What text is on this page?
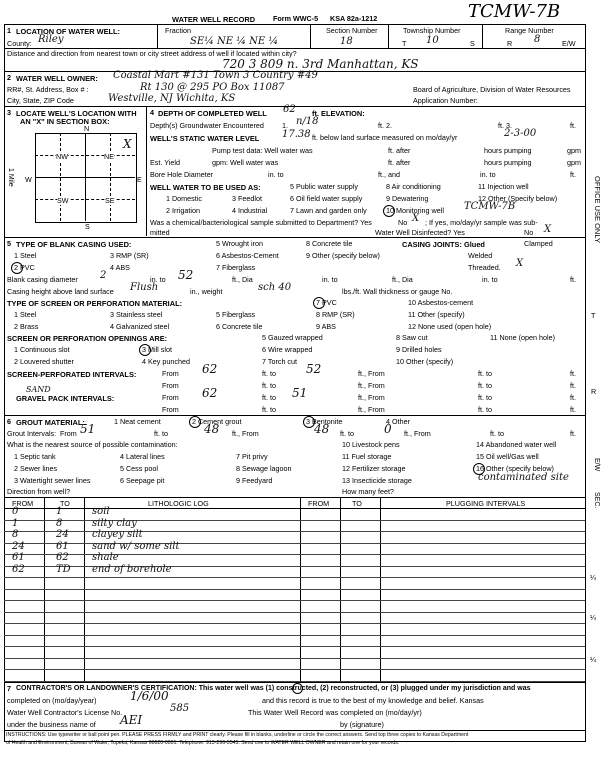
WATER WELL RECORD Form WWC-5 KSA 82a-1212	TCMW-7B
1 LOCATION OF WATER WELL:
County: Riley
Fraction
SE¼ NE ¼ NE ¼
Section Number
18
Township Number
T 10	S
Range Number
R 8	E/W
Distance and direction from nearest town or city street address of well if located within city?
720 3 809 n. 3rd Manhattan, KS
2 WATER WELL OWNER: Coastal Mart #131 Town 3 Country #49
RR#, St. Address, Box # :	Rt 130 @ 295 PO Box 11087
City, State, ZIP Code	Westville, NJ Wichita, KS
Board of Agriculture, Division of Water Resources
Application Number:
3 LOCATE WELL'S LOCATION WITH
AN "X" IN SECTION BOX:
N
S
W	E
1 Mile
NW	NE
SW	SE
X
4 DEPTH OF COMPLETED WELL 62 ft. ELEVATION:
Depth(s) Groundwater Encountered	1. n/18	ft. 2.	ft. 3.	ft.
WELL'S STATIC WATER LEVEL 17.38 ft. below land surface measured on mo/day/yr	2-3-00
Pump test data: Well water was	ft. after	hours pumping	gpm
Est. Yield	gpm: Well water was	ft. after	hours pumping	gpm
Bore Hole Diameter	in. to	ft., and	in. to	ft.
WELL WATER TO BE USED AS:	5 Public water supply	8 Air conditioning	11 Injection well
1 Domestic	3 Feedlot	6 Oil field water supply	9 Dewatering	12 Other (Specify below)
2 Irrigation	4 Industrial	7 Lawn and garden only	10 Monitoring well TCMW-7B
Was a chemical/bacteriological sample submitted to Department? Yes	No X ; If yes, mo/day/yr sample was sub-
mitted	Water Well Disinfected? Yes	No X
5 TYPE OF BLANK CASING USED:	5 Wrought iron	8 Concrete tile	CASING JOINTS: Glued	Clamped
1 Steel	3 RMP (SR)	6 Asbestos-Cement	9 Other (specify below)	Welded
2 PVC	4 ABS	7 Fiberglass	Threaded. X
Blank casing diameter 2	in. to 52	ft., Dia	in. to	ft., Dia	in. to	ft.
Casing height above land surface Flush	in., weight	sch 40	lbs./ft. Wall thickness or gauge No.
TYPE OF SCREEN OR PERFORATION MATERIAL:	7 PVC	10 Asbestos-cement
1 Steel	3 Stainless steel	5 Fiberglass	8 RMP (SR)	11 Other (specify)
2 Brass	4 Galvanized steel	6 Concrete tile	9 ABS	12 None used (open hole)
SCREEN OR PERFORATION OPENINGS ARE:	5 Gauzed wrapped	8 Saw cut	11 None (open hole)
1 Continuous slot	3 Mill slot	6 Wire wrapped	9 Drilled holes
2 Louvered shutter	4 Key punched	7 Torch cut	10 Other (specify)
SCREEN-PERFORATED INTERVALS:	From 62	ft. to	52	ft., From	ft. to	ft.
From	ft. to	ft., From	ft. to	ft.
SAND
GRAVEL PACK INTERVALS:	From 62	ft. to 51	ft., From	ft. to	ft.
From	ft. to	ft., From	ft. to	ft.
6 GROUT MATERIAL:	1 Neat cement	2 Cement grout	3 Bentonite	4 Other
Grout Intervals: From 51	ft. to	48 ft., From	48 ft. to	0 ft., From	ft. to	ft.
What is the nearest source of possible contamination:	10 Livestock pens	14 Abandoned water well
1 Septic tank	4 Lateral lines	7 Pit privy	11 Fuel storage	15 Oil well/Gas well
2 Sewer lines	5 Cess pool	8 Sewage lagoon	12 Fertilizer storage	16 Other (specify below)
3 Watertight sewer lines	6 Seepage pit	9 Feedyard	13 Insecticide storage	contaminated site
Direction from well?	How many feet?
FROM	TO	LITHOLOGIC LOG	FROM	TO	PLUGGING INTERVALS
0	1	soil
1	8	silty clay
8	24 clayey silt
24	61 sand w/ some silt
61	62 shale
62	TD end of borehole
7 CONTRACTOR'S OR LANDOWNER'S CERTIFICATION: This water well was (1) constructed, (2) reconstructed, or (3) plugged under my jurisdiction and was
completed on (mo/day/year)	1/6/00	and this record is true to the best of my knowledge and belief. Kansas
Water Well Contractor's License No.	585	This Water Well Record was completed on (mo/day/yr)
under the business name of AEI	by (signature)
INSTRUCTIONS: Use typewriter or ball point pen. PLEASE PRESS FIRMLY and PRINT clearly. Please fill in blanks, underline or circle the correct answers. Send top three copies to Kansas Department
of Health and Environment, Bureau of Water, Topeka, Kansas 66620-0001. Telephone: 913-296-5545. Send one to WATER WELL OWNER and retain one for your records.
OFFICE USE ONLY
T
R
E/W
SEC.
¼
¼
¼
